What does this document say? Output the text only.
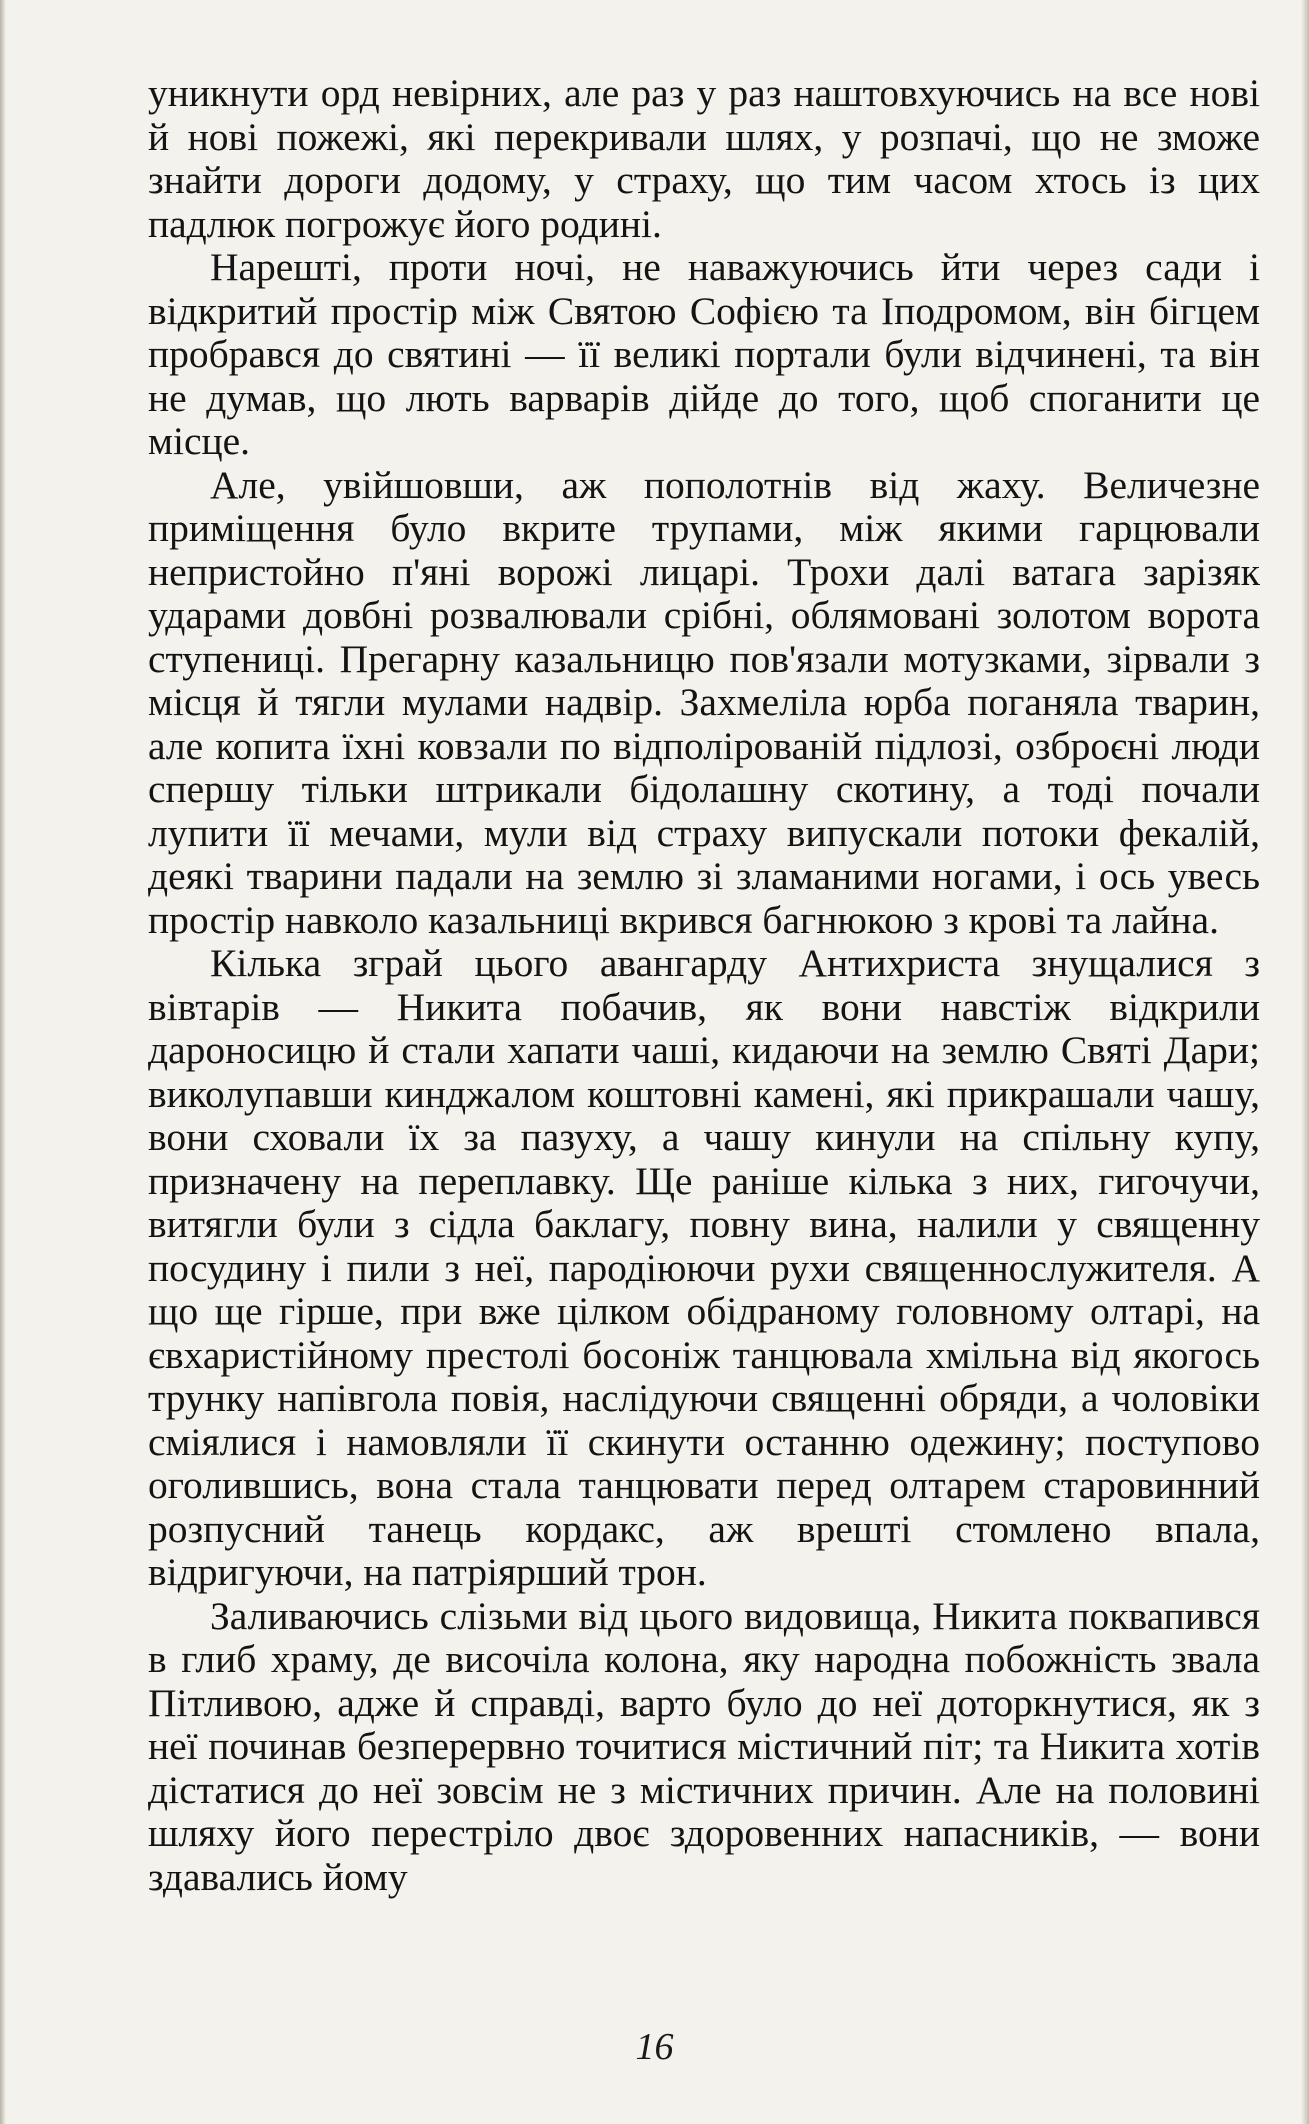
уникнути орд невірних, але раз у раз наштовхуючись на все нові й нові пожежі, які перекривали шлях, у розпачі, що не зможе знайти дороги додому, у страху, що тим часом хтось із цих падлюк погрожує його родині.

Нарешті, проти ночі, не наважуючись йти через сади і відкритий простір між Святою Софією та Іподромом, він бігцем пробрався до святині — її великі портали були відчинені, та він не думав, що лють варварів дійде до того, щоб споганити це місце.

Але, увійшовши, аж пополотнів від жаху. Величезне приміщення було вкрите трупами, між якими гарцювали непристойно п'яні ворожі лицарі. Трохи далі ватага зарізяк ударами довбні розвалювали срібні, облямовані золотом ворота ступениці. Прегарну казальницю пов'язали мотузками, зірвали з місця й тягли мулами надвір. Захмеліла юрба поганяла тварин, але копита їхні ковзали по відполірованій підлозі, озброєні люди спершу тільки штрикали бідолашну скотину, а тоді почали лупити її мечами, мули від страху випускали потоки фекалій, деякі тварини падали на землю зі зламаними ногами, і ось увесь простір навколо казальниці вкрився багнюкою з крові та лайна.

Кілька зграй цього авангарду Антихриста знущалися з вівтарів — Никита побачив, як вони навстіж відкрили дароносицю й стали хапати чаші, кидаючи на землю Святі Дари; виколупавши кинджалом коштовні камені, які прикрашали чашу, вони сховали їх за пазуху, а чашу кинули на спільну купу, призначену на переплавку. Ще раніше кілька з них, гигочучи, витягли були з сідла баклагу, повну вина, налили у священну посудину і пили з неї, пародіюючи рухи священнослужителя. А що ще гірше, при вже цілком обідраному головному олтарі, на євхаристійному престолі босоніж танцювала хмільна від якогось трунку напівгола повія, наслідуючи священні обряди, а чоловіки сміялися і намовляли її скинути останню одежину; поступово оголившись, вона стала танцювати перед олтарем старовинний розпусний танець кордакс, аж врешті стомлено впала, відригуючи, на патріярший трон.

Заливаючись слізьми від цього видовища, Никита поквапився в глиб храму, де височіла колона, яку народна побожність звала Пітливою, адже й справді, варто було до неї доторкнутися, як з неї починав безперервно точитися містичний піт; та Никита хотів дістатися до неї зовсім не з містичних причин. Але на половині шляху його перестріло двоє здоровенних напасників, — вони здавались йому

16
